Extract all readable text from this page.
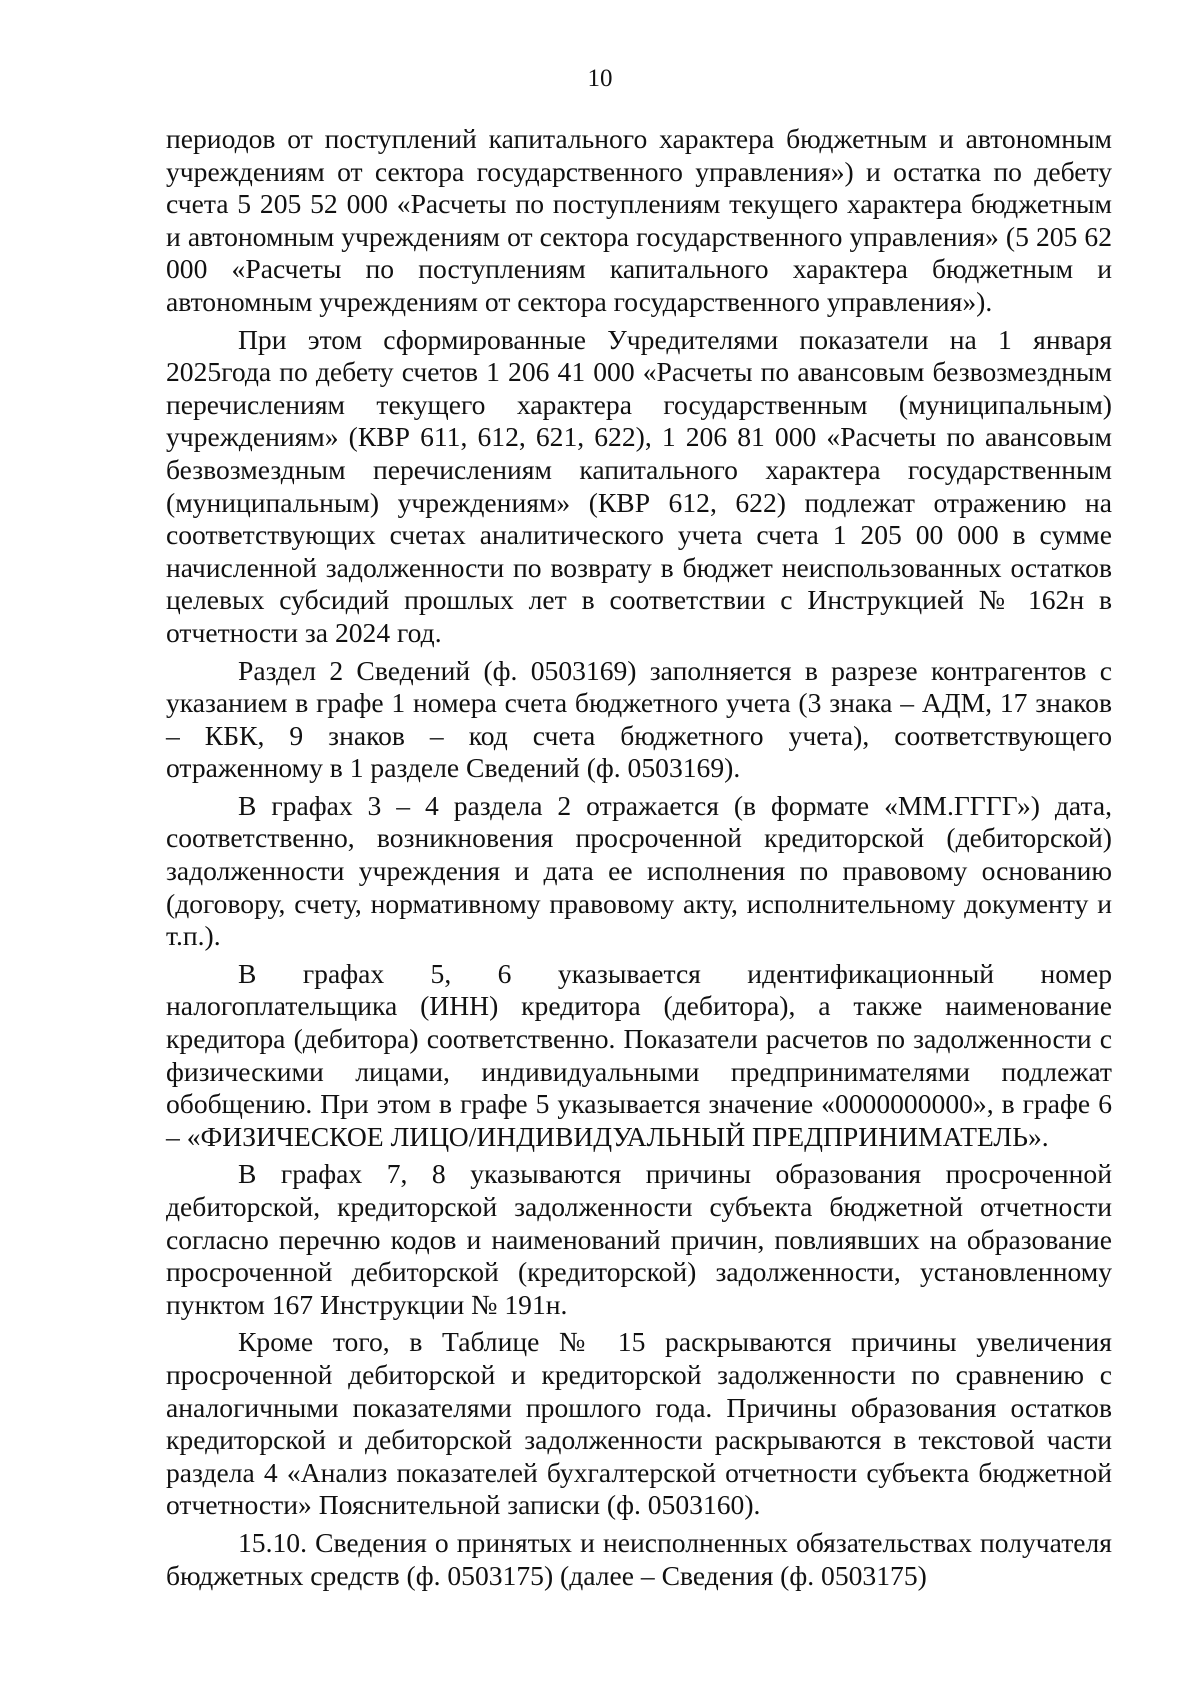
10

периодов от поступлений капитального характера бюджетным и автономным учреждениям от сектора государственного управления») и остатка по дебету счета 5 205 52 000 «Расчеты по поступлениям текущего характера бюджетным и автономным учреждениям от сектора государственного управления» (5 205 62 000 «Расчеты по поступлениям капитального характера бюджетным и автономным учреждениям от сектора государственного управления»).

При этом сформированные Учредителями показатели на 1 января 2025года по дебету счетов 1 206 41 000 «Расчеты по авансовым безвозмездным перечислениям текущего характера государственным (муниципальным) учреждениям» (КВР 611, 612, 621, 622), 1 206 81 000 «Расчеты по авансовым безвозмездным перечислениям капитального характера государственным (муниципальным) учреждениям» (КВР 612, 622) подлежат отражению на соответствующих счетах аналитического учета счета 1 205 00 000 в сумме начисленной задолженности по возврату в бюджет неиспользованных остатков целевых субсидий прошлых лет в соответствии с Инструкцией № 162н в отчетности за 2024 год.

Раздел 2 Сведений (ф. 0503169) заполняется в разрезе контрагентов с указанием в графе 1 номера счета бюджетного учета (3 знака – АДМ, 17 знаков – КБК, 9 знаков – код счета бюджетного учета), соответствующего отраженному в 1 разделе Сведений (ф. 0503169).

В графах 3 – 4 раздела 2 отражается (в формате «ММ.ГГГГ») дата, соответственно, возникновения просроченной кредиторской (дебиторской) задолженности учреждения и дата ее исполнения по правовому основанию (договору, счету, нормативному правовому акту, исполнительному документу и т.п.).

В графах 5, 6 указывается идентификационный номер налогоплательщика (ИНН) кредитора (дебитора), а также наименование кредитора (дебитора) соответственно. Показатели расчетов по задолженности с физическими лицами, индивидуальными предпринимателями подлежат обобщению. При этом в графе 5 указывается значение «0000000000», в графе 6 – «ФИЗИЧЕСКОЕ ЛИЦО/ИНДИВИДУАЛЬНЫЙ ПРЕДПРИНИМАТЕЛЬ».

В графах 7, 8 указываются причины образования просроченной дебиторской, кредиторской задолженности субъекта бюджетной отчетности согласно перечню кодов и наименований причин, повлиявших на образование просроченной дебиторской (кредиторской) задолженности, установленному пунктом 167 Инструкции № 191н.

Кроме того, в Таблице № 15 раскрываются причины увеличения просроченной дебиторской и кредиторской задолженности по сравнению с аналогичными показателями прошлого года. Причины образования остатков кредиторской и дебиторской задолженности раскрываются в текстовой части раздела 4 «Анализ показателей бухгалтерской отчетности субъекта бюджетной отчетности» Пояснительной записки (ф. 0503160).

15.10. Сведения о принятых и неисполненных обязательствах получателя бюджетных средств (ф. 0503175) (далее – Сведения (ф. 0503175)
